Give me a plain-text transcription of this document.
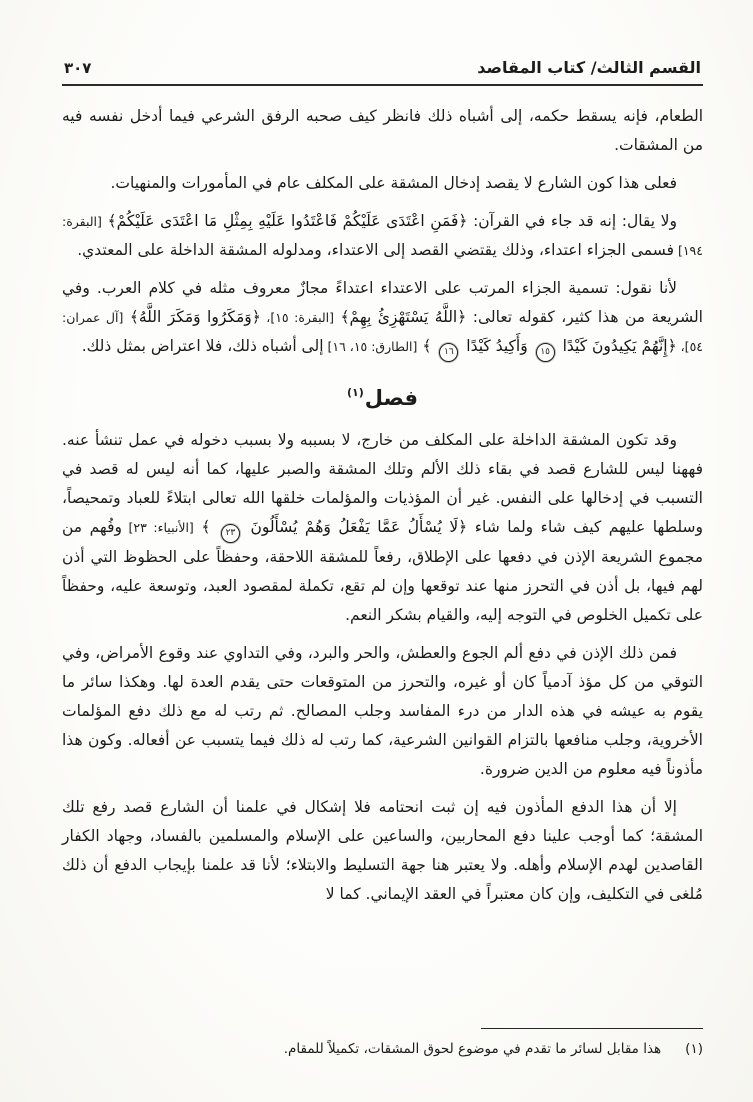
القسم الثالث/ كتاب المقاصد
٣٠٧

الطعام، فإنه يسقط حكمه، إلى أشباه ذلك فانظر كيف صحبه الرفق الشرعي فيما أدخل نفسه فيه من المشقات.

فعلى هذا كون الشارع لا يقصد إدخال المشقة على المكلف عام في المأمورات والمنهيات.

ولا يقال: إنه قد جاء في القرآن: ﴿فَمَنِ اعْتَدَى عَلَيْكُمْ فَاعْتَدُوا عَلَيْهِ بِمِثْلِ مَا اعْتَدَى عَلَيْكُمْ﴾ [البقرة: ١٩٤] فسمى الجزاء اعتداء، وذلك يقتضي القصد إلى الاعتداء، ومدلوله المشقة الداخلة على المعتدي.

لأنا نقول: تسمية الجزاء المرتب على الاعتداء اعتداءً مجازٌ معروف مثله في كلام العرب. وفي الشريعة من هذا كثير، كقوله تعالى: ﴿اللَّهُ يَسْتَهْزِئُ بِهِمْ﴾ [البقرة: ١٥]، ﴿وَمَكَرُوا وَمَكَرَ اللَّهُ﴾ [آل عمران: ٥٤]، ﴿إِنَّهُمْ يَكِيدُونَ كَيْدًا ١٥ وَأَكِيدُ كَيْدًا ١٦ ﴾ [الطارق: ١٥، ١٦] إلى أشباه ذلك، فلا اعتراض بمثل ذلك.

فصل$^{(١)}$

وقد تكون المشقة الداخلة على المكلف من خارج، لا بسببه ولا بسبب دخوله في عمل تنشأ عنه. فههنا ليس للشارع قصد في بقاء ذلك الألم وتلك المشقة والصبر عليها، كما أنه ليس له قصد في التسبب في إدخالها على النفس. غير أن المؤذيات والمؤلمات خلقها الله تعالى ابتلاءً للعباد وتمحيصاً، وسلطها عليهم كيف شاء ولما شاء ﴿لَا يُسْأَلُ عَمَّا يَفْعَلُ وَهُمْ يُسْأَلُونَ ٢٣ ﴾ [الأنبياء: ٢٣] وفُهم من مجموع الشريعة الإذن في دفعها على الإطلاق، رفعاً للمشقة اللاحقة، وحفظاً على الحظوظ التي أذن لهم فيها، بل أذن في التحرز منها عند توقعها وإن لم تقع، تكملة لمقصود العبد، وتوسعة عليه، وحفظاً على تكميل الخلوص في التوجه إليه، والقيام بشكر النعم.

فمن ذلك الإذن في دفع ألم الجوع والعطش، والحر والبرد، وفي التداوي عند وقوع الأمراض، وفي التوقي من كل مؤذ آدمياً كان أو غيره، والتحرز من المتوقعات حتى يقدم العدة لها. وهكذا سائر ما يقوم به عيشه في هذه الدار من درء المفاسد وجلب المصالح. ثم رتب له مع ذلك دفع المؤلمات الأخروية، وجلب منافعها بالتزام القوانين الشرعية، كما رتب له ذلك فيما يتسبب عن أفعاله. وكون هذا مأذوناً فيه معلوم من الدين ضرورة.

إلا أن هذا الدفع المأذون فيه إن ثبت انحتامه فلا إشكال في علمنا أن الشارع قصد رفع تلك المشقة؛ كما أوجب علينا دفع المحاربين، والساعين على الإسلام والمسلمين بالفساد، وجهاد الكفار القاصدين لهدم الإسلام وأهله. ولا يعتبر هنا جهة التسليط والابتلاء؛ لأنا قد علمنا بإيجاب الدفع أن ذلك مُلغى في التكليف، وإن كان معتبراً في العقد الإيماني. كما لا

(١)
هذا مقابل لسائر ما تقدم في موضوع لحوق المشقات، تكميلاً للمقام.
